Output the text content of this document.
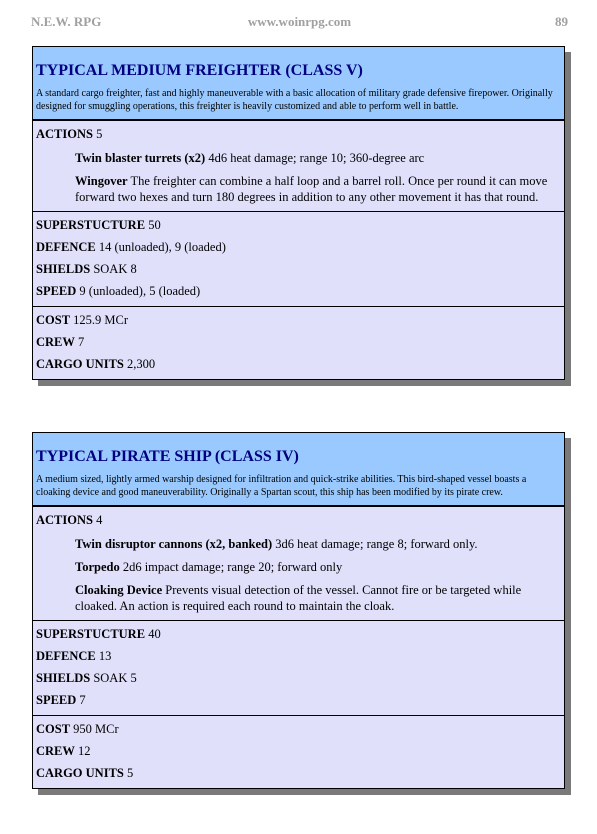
N.E.W. RPG	www.woinrpg.com	89
TYPICAL MEDIUM FREIGHTER (CLASS V)
A standard cargo freighter, fast and highly maneuverable with a basic allocation of military grade defensive firepower. Originally designed for smuggling operations, this freighter is heavily customized and able to perform well in battle.
ACTIONS 5
Twin blaster turrets (x2) 4d6 heat damage; range 10; 360-degree arc
Wingover The freighter can combine a half loop and a barrel roll. Once per round it can move forward two hexes and turn 180 degrees in addition to any other movement it has that round.
SUPERSTUCTURE 50
DEFENCE 14 (unloaded), 9 (loaded)
SHIELDS SOAK 8
SPEED 9 (unloaded), 5 (loaded)
COST 125.9 MCr
CREW 7
CARGO UNITS 2,300
TYPICAL PIRATE SHIP (CLASS IV)
A medium sized, lightly armed warship designed for infiltration and quick-strike abilities. This bird-shaped vessel boasts a cloaking device and good maneuverability. Originally a Spartan scout, this ship has been modified by its pirate crew.
ACTIONS 4
Twin disruptor cannons (x2, banked) 3d6 heat damage; range 8; forward only.
Torpedo 2d6 impact damage; range 20; forward only
Cloaking Device Prevents visual detection of the vessel. Cannot fire or be targeted while cloaked. An action is required each round to maintain the cloak.
SUPERSTUCTURE 40
DEFENCE 13
SHIELDS SOAK 5
SPEED 7
COST 950 MCr
CREW 12
CARGO UNITS 5
